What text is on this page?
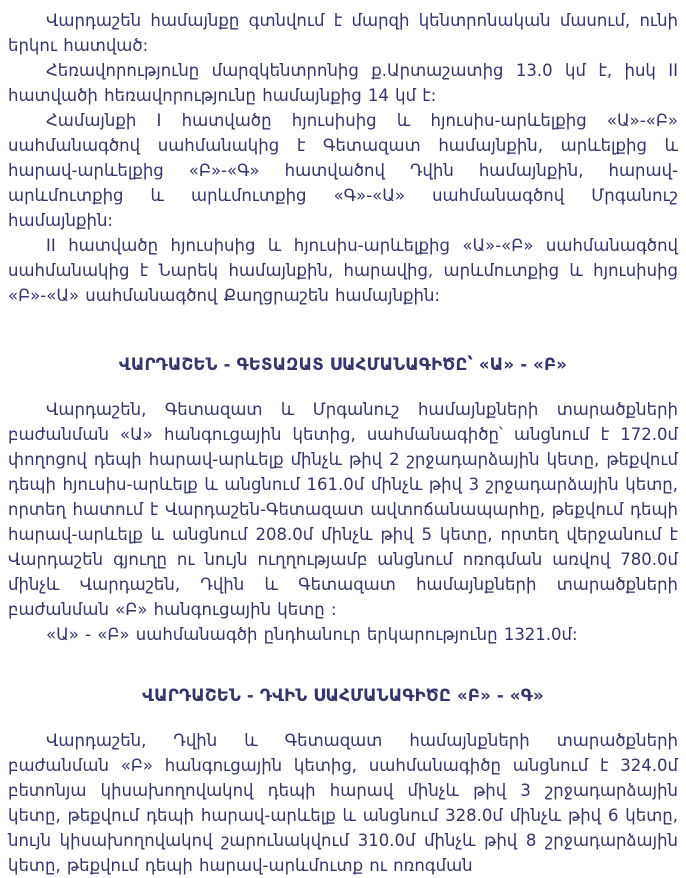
Վարդաշեն համայնքը գտնվում է մարզի կենտրոնական մասում, ունի երկու հատված:

Հեռավորությունը մարզկենտրոնից ք.Արտաշատից 13.0 կմ է, իսկ II հատվածի հեռավորությունը համայնքից 14 կմ է:

Համայնքի I հատվածը հյուսիսից և հյուսիս-արևելքից «Ա»-«Բ» սահմանագծով սահմանակից է Գետազատ համայնքին, արևելքից և հարավ-արևելքից «Բ»-«Գ» հատվածով Դվին համայնքին, հարավ-արևմուտքից և արևմուտքից «Գ»-«Ա» սահմանագծով Մրգանուշ համայնքին:

II հատվածը հյուսիսից և հյուսիս-արևելքից «Ա»-«Բ» սահմանագծով սահմանակից է Նարեկ համայնքին, հարավից, արևմուտքից և հյուսիսից «Բ»-«Ա» սահմանագծով Քաղցրաշեն համայնքին:

ՎԱՐԴԱՇԵՆ - ԳԵՏԱԶԱՏ ՍԱՀՄԱՆԱԳԻԾԸ՝ «Ա» - «Բ»

Վարդաշեն, Գետազատ և Մրգանուշ համայնքների տարածքների բաժանման «Ա» հանգուցային կետից, սահմանագիծը՝ անցնում է 172.0մ փողոցով դեպի հարավ-արևելք մինչև թիվ 2 շրջադարձային կետը, թեքվում դեպի հյուսիս-արևելք և անցնում 161.0մ մինչև թիվ 3 շրջադարձային կետը, որտեղ հատում է Վարդաշեն-Գետազատ ավտոճանապարհը, թեքվում դեպի հարավ-արևելք և անցնում 208.0մ մինչև թիվ 5 կետը, որտեղ վերջանում է Վարդաշեն գյուղը ու նույն ուղղությամբ անցնում ոռոգման առվով 780.0մ մինչև Վարդաշեն, Դվին և Գետազատ համայնքների տարածքների բաժանման «Բ» հանգուցային կետը :

«Ա» - «Բ» սահմանագծի ընդհանուր երկարությունը 1321.0մ:

ՎԱՐԴԱՇԵՆ - ԴՎԻՆ ՍԱՀՄԱՆԱԳԻԾԸ «Բ» - «Գ»

Վարդաշեն, Դվին և Գետազատ համայնքների տարածքների բաժանման «Բ» հանգուցային կետից, սահմանագիծը անցնում է 324.0մ բետոնյա կիսախողովակով դեպի հարավ մինչև թիվ 3 շրջադարձային կետը, թեքվում դեպի հարավ-արևելք և անցնում 328.0մ մինչև թիվ 6 կետը, նույն կիսախողովակով շարունակվում 310.0մ մինչև թիվ 8 շրջադարձային կետը, թեքվում դեպի հարավ-արևմուտք ու ոռոգման
